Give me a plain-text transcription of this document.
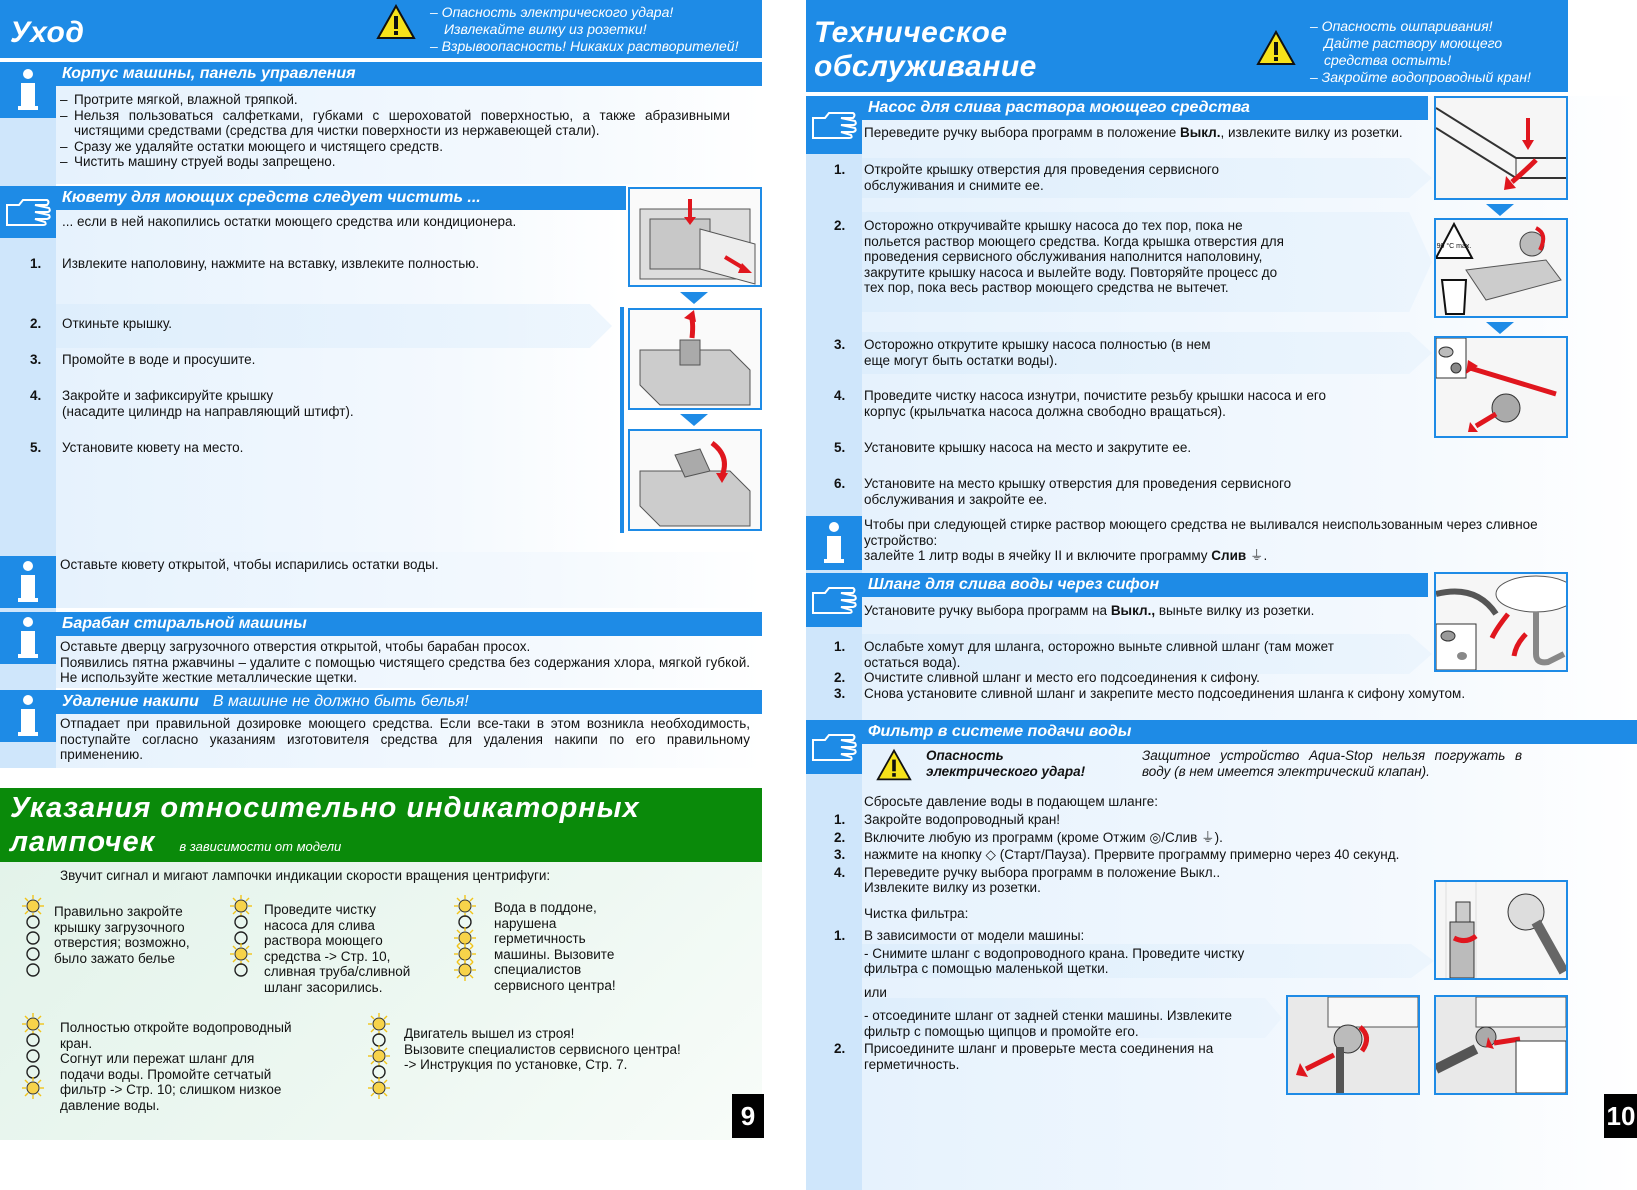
Уход
– Опасность электрического удара!
Извлекайте вилку из розетки!
– Взрывоопасность! Никаких растворителей!
Корпус машины, панель управления
– Протрите мягкой, влажной тряпкой.
– Нельзя пользоваться салфетками, губками с шероховатой поверхностью, а также абразивными чистящими средствами (средства для чистки поверхности из нержавеющей стали).
– Сразу же удаляйте остатки моющего и чистящего средств.
– Чистить машину струей воды запрещено.
Кювету для моющих средств следует чистить ...
... если в ней накопились остатки моющего средства или кондиционера.
1.	Извлеките наполовину, нажмите на вставку, извлеките полностью.
2.	Откиньте крышку.
3.	Промойте в воде и просушите.
4.	Закройте и зафиксируйте крышку
(насадите цилиндр на направляющий штифт).
5.	Установите кювету на место.
Оставьте кювету открытой, чтобы испарились остатки воды.
Барабан стиральной машины
Оставьте дверцу загрузочного отверстия открытой, чтобы барабан просох.
Появились пятна ржавчины – удалите с помощью чистящего средства без содержания хлора, мягкой губкой. Не используйте жесткие металлические щетки.
Удаление накипи В машине не должно быть белья!
Отпадает при правильной дозировке моющего средства. Если все-таки в этом возникла необходимость, поступайте согласно указаниям изготовителя средства для удаления накипи по его правильному применению.
Указания относительно индикаторных
лампочек в зависимости от модели
Звучит сигнал и мигают лампочки индикации скорости вращения центрифуги:
Правильно закройте
крышку загрузочного
отверстия; возможно,
было зажато белье
Проведите чистку
насоса для слива
раствора моющего
средства -> Стр. 10,
сливная труба/сливной
шланг засорились.
Вода в поддоне,
нарушена
герметичность
машины. Вызовите
специалистов
сервисного центра!
Полностью откройте водопроводный
кран.
Согнут или пережат шланг для
подачи воды. Промойте сетчатый
фильтр -> Стр. 10; слишком низкое
давление воды.
Двигатель вышел из строя!
Вызовите специалистов сервисного центра!
-> Инструкция по установке, Стр. 7.
9
Техническое
обслуживание
– Опасность ошпаривания!
Дайте раствору моющего
средства остыть!
– Закройте водопроводный кран!
Насос для слива раствора моющего средства
Переведите ручку выбора программ в положение Выкл., извлеките вилку из розетки.
1.	Откройте крышку отверстия для проведения сервисного обслуживания и снимите ее.
2.	Осторожно откручивайте крышку насоса до тех пор, пока не польется раствор моющего средства. Когда крышка отверстия для проведения сервисного обслуживания наполнится наполовину, закрутите крышку насоса и вылейте воду. Повторяйте процесс до тех пор, пока весь раствор моющего средства не вытечет.
3.	Осторожно открутите крышку насоса полностью (в нем еще могут быть остатки воды).
4.	Проведите чистку насоса изнутри, почистите резьбу крышки насоса и его корпус (крыльчатка насоса должна свободно вращаться).
5.	Установите крышку насоса на место и закрутите ее.
6.	Установите на место крышку отверстия для проведения сервисного обслуживания и закройте ее.
90 °C max.
Чтобы при следующей стирке раствор моющего средства не выливался неиспользованным через сливное устройство:
залейте 1 литр воды в ячейку II и включите программу Слив ⏚.
Шланг для слива воды через сифон
Установите ручку выбора программ на Выкл., выньте вилку из розетки.
1.	Ослабьте хомут для шланга, осторожно выньте сливной шланг (там может остаться вода).
2.	Очистите сливной шланг и место его подсоединения к сифону.
3.	Снова установите сливной шланг и закрепите место подсоединения шланга к сифону хомутом.
Фильтр в системе подачи воды
Опасность электрического удара!
Защитное устройство Aqua-Stop нельзя погружать в воду (в нем имеется электрический клапан).
Сбросьте давление воды в подающем шланге:
1.	Закройте водопроводный кран!
2.	Включите любую из программ (кроме Отжим ◎/Слив ⏚).
3.	нажмите на кнопку ◇ (Старт/Пауза). Прервите программу примерно через 40 секунд.
4.	Переведите ручку выбора программ в положение Выкл..
Извлеките вилку из розетки.
Чистка фильтра:
1.	В зависимости от модели машины:
- Снимите шланг с водопроводного крана. Проведите чистку фильтра с помощью маленькой щетки.
или
- отсоедините шланг от задней стенки машины. Извлеките фильтр с помощью щипцов и промойте его.
2.	Присоедините шланг и проверьте места соединения на герметичность.
10
